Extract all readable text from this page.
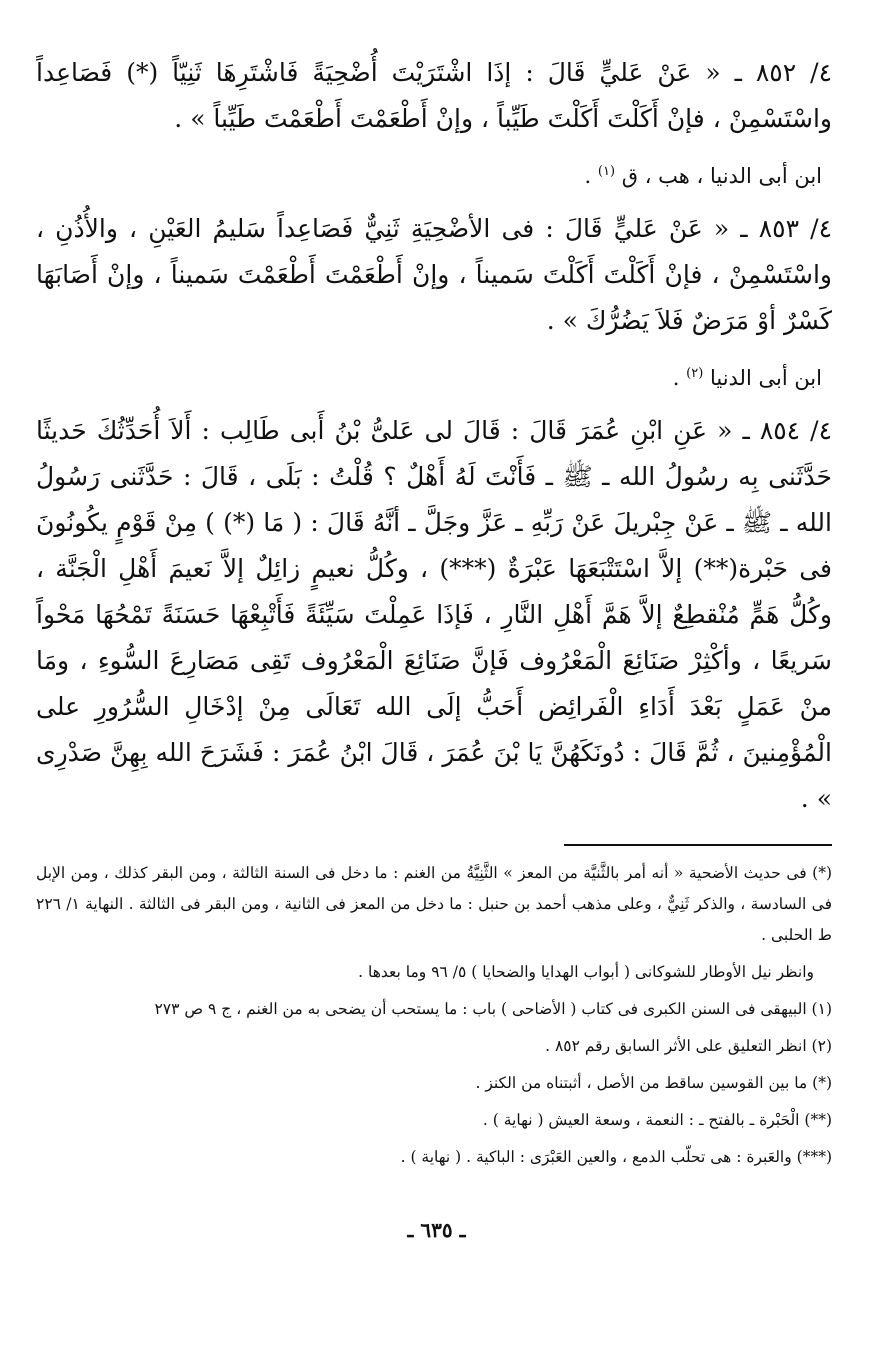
٤/ ٨٥٢ ـ « عَنْ عَليٍّ قَالَ : إذَا اشْتَرَيْتَ أُضْحِيَةً فَاشْتَرِهَا ثَنِيّاً (*) فَصَاعِداً واسْتَسْمِنْ ، فإنْ أَكَلْتَ أَكَلْتَ طَيِّباً ، وإنْ أَطْعَمْتَ أَطْعَمْتَ طَيِّباً » .

ابن أبى الدنيا ، هب ، ق $^{(١)}$ .

٤/ ٨٥٣ ـ « عَنْ عَليٍّ قَالَ : فى الأضْحِيَةِ ثَنِيٌّ فَصَاعِداً سَليمُ العَيْنِ ، والأُذُنِ ، واسْتَسْمِنْ ، فإنْ أَكَلْتَ أَكَلْتَ سَميناً ، وإنْ أَطْعَمْتَ أَطْعَمْتَ سَميناً ، وإنْ أَصَابَهَا كَسْرٌ أوْ مَرَضٌ فَلاَ يَضُرُّكَ » .

ابن أبى الدنيا $^{(٢)}$ .

٤/ ٨٥٤ ـ « عَنِ ابْنِ عُمَرَ قَالَ : قَالَ لى عَلىُّ بْنُ أَبى طَالِب : أَلاَ أُحَدِّثُكَ حَديثًا حَدَّثَنى بِه رسُولُ الله ـ ﷺ ـ فَأَنْتَ لَهُ أَهْلٌ ؟ قُلْتُ : بَلَى ، قَالَ : حَدَّثَنى رَسُولُ الله ـ ﷺ ـ عَنْ جِبْريلَ عَنْ رَبِّهِ ـ عَزَّ وجَلَّ ـ أنَّهُ قَالَ : ( مَا (*) ) مِنْ قَوْمٍ يكُونُونَ فى حَبْرة(**) إلاَّ اسْتَتْبَعَهَا عَبْرَةٌ (***) ، وكُلُّ نعيمٍ زائِلٌ إلاَّ نَعيمَ أَهْلِ الْجَنَّة ، وكُلُّ هَمٍّ مُنْقطِعٌ إلاَّ هَمَّ أَهْلِ النَّارِ ، فَإذَا عَمِلْتَ سَيِّئَةً فَأَتْبِعْهَا حَسَنَةً تَمْحُهَا مَحْواً سَريعًا ، وأكْثِرْ صَنَائِعَ الْمَعْرُوف فَإنَّ صَنَائِعَ الْمَعْرُوف تَقِى مَصَارِعَ السُّوءِ ، ومَا منْ عَمَلٍ بَعْدَ أَدَاءِ الْفَرائِض أَحَبُّ إلَى الله تَعَالَى مِنْ إدْخَالِ السُّرُورِ على الْمُؤْمِنينَ ، ثُمَّ قَالَ : دُونَكَهُنَّ يَا بْنَ عُمَرَ ، قَالَ ابْنُ عُمَرَ : فَشَرَحَ الله بِهِنَّ صَدْرِى » .

(*) فى حديث الأضحية « أنه أمر بالثَّنيَّة من المعز » الثَّنِيَّةُ من الغنم : ما دخل فى السنة الثالثة ، ومن البقر كذلك ، ومن الإبل فى السادسة ، والذكر ثَنِيٌّ ، وعلى مذهب أحمد بن حنبل : ما دخل من المعز فى الثانية ، ومن البقر فى الثالثة . النهاية ١/ ٢٢٦ ط الحلبى .

وانظر نيل الأوطار للشوكانى ( أبواب الهدايا والضحايا ) ٥/ ٩٦ وما بعدها .

(١) البيهقى فى السنن الكبرى فى كتاب ( الأضاحى ) باب : ما يستحب أن يضحى به من الغنم ، ج ٩ ص ٢٧٣

(٢) انظر التعليق على الأثر السابق رقم ٨٥٢ .

(*) ما بين القوسين ساقط من الأصل ، أثبتناه من الكنز .

(**) الْحَبْرة ـ بالفتح ـ : النعمة ، وسعة العيش ( نهاية ) .

(***) والعَبرة : هى تحلّب الدمع ، والعين العَبْرَى : الباكية . ( نهاية ) .

ـ ٦٣٥ ـ
